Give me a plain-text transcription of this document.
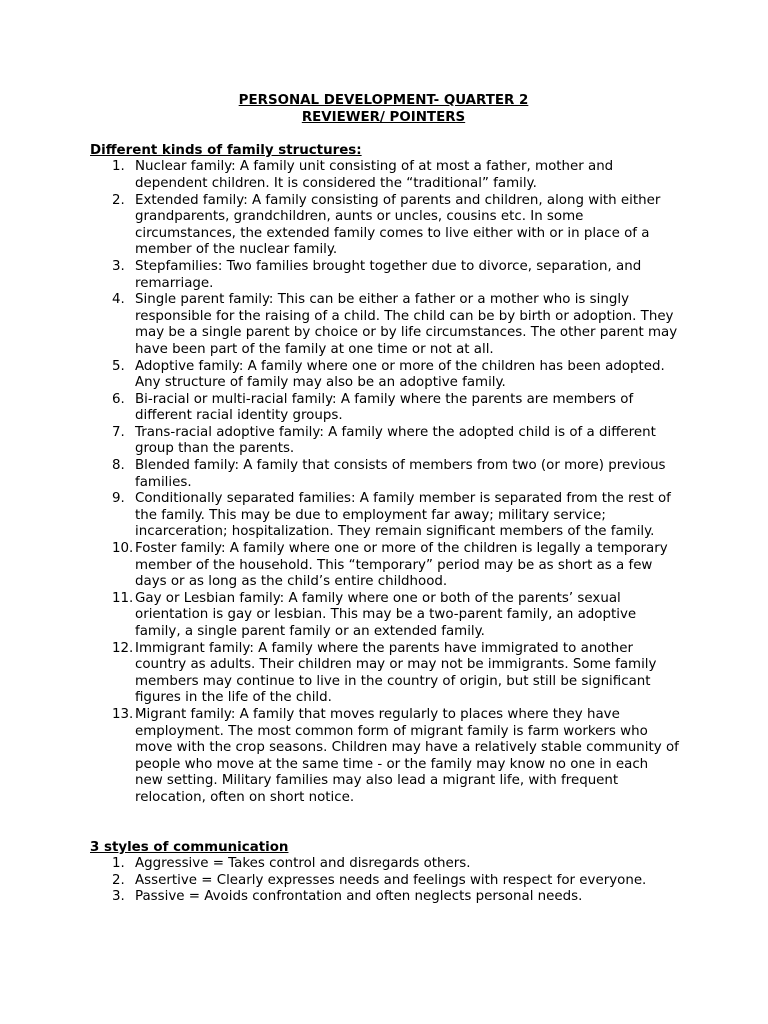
PERSONAL DEVELOPMENT- QUARTER 2

REVIEWER/ POINTERS

Different kinds of family structures:

1. Nuclear family: A family unit consisting of at most a father, mother and dependent children. It is considered the “traditional” family.
2. Extended family: A family consisting of parents and children, along with either grandparents, grandchildren, aunts or uncles, cousins etc. In some circumstances, the extended family comes to live either with or in place of a member of the nuclear family.
3. Stepfamilies: Two families brought together due to divorce, separation, and remarriage.
4. Single parent family: This can be either a father or a mother who is singly responsible for the raising of a child. The child can be by birth or adoption. They may be a single parent by choice or by life circumstances. The other parent may have been part of the family at one time or not at all.
5. Adoptive family: A family where one or more of the children has been adopted. Any structure of family may also be an adoptive family.
6. Bi-racial or multi-racial family: A family where the parents are members of different racial identity groups.
7. Trans-racial adoptive family: A family where the adopted child is of a different group than the parents.
8. Blended family: A family that consists of members from two (or more) previous families.
9. Conditionally separated families: A family member is separated from the rest of the family. This may be due to employment far away; military service; incarceration; hospitalization. They remain significant members of the family.
10. Foster family: A family where one or more of the children is legally a temporary member of the household. This “temporary” period may be as short as a few days or as long as the child’s entire childhood.
11. Gay or Lesbian family: A family where one or both of the parents’ sexual orientation is gay or lesbian. This may be a two-parent family, an adoptive family, a single parent family or an extended family.
12. Immigrant family: A family where the parents have immigrated to another country as adults. Their children may or may not be immigrants. Some family members may continue to live in the country of origin, but still be significant figures in the life of the child.
13. Migrant family: A family that moves regularly to places where they have employment. The most common form of migrant family is farm workers who move with the crop seasons. Children may have a relatively stable community of people who move at the same time - or the family may know no one in each new setting. Military families may also lead a migrant life, with frequent relocation, often on short notice.

3 styles of communication

1. Aggressive = Takes control and disregards others.
2. Assertive = Clearly expresses needs and feelings with respect for everyone.
3. Passive = Avoids confrontation and often neglects personal needs.
